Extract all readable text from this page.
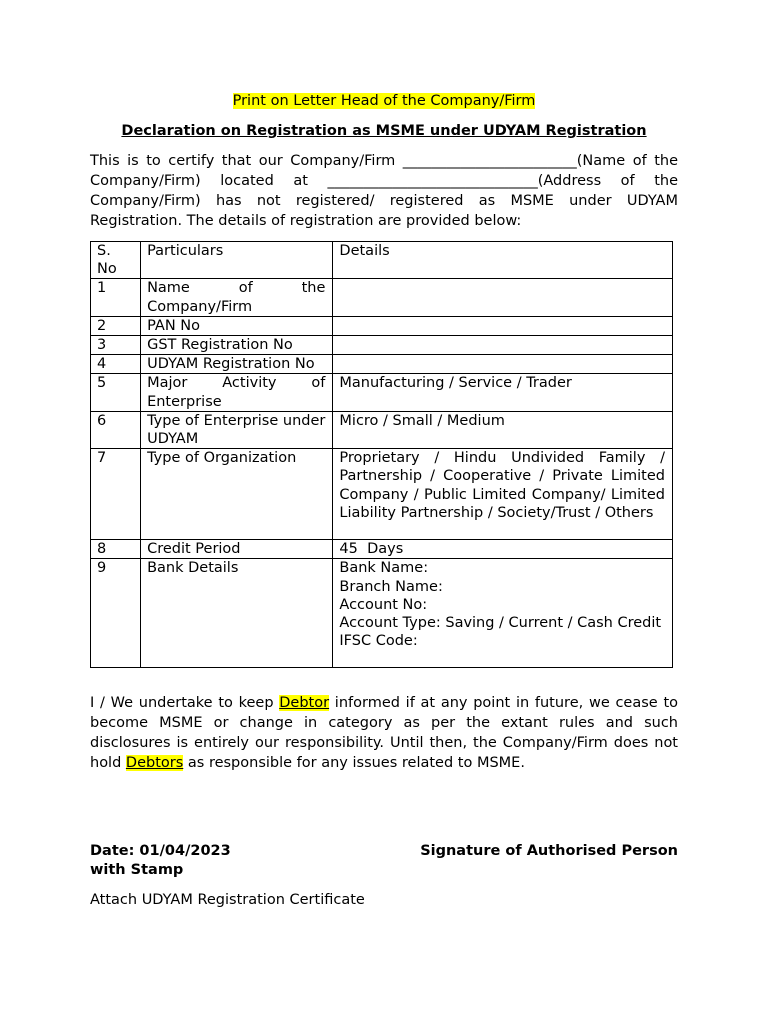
Print on Letter Head of the Company/Firm
Declaration on Registration as MSME under UDYAM Registration

This is to certify that our Company/Firm ________________________(Name of the Company/Firm) located at _____________________________(Address of the Company/Firm) has not registered/ registered as MSME under UDYAM Registration. The details of registration are provided below:

S. No	Particulars	Details
1	Name of the Company/Firm	
2	PAN No	
3	GST Registration No	
4	UDYAM Registration No	
5	Major Activity of Enterprise	Manufacturing / Service / Trader
6	Type of Enterprise under UDYAM	Micro / Small / Medium
7	Type of Organization	Proprietary / Hindu Undivided Family / Partnership / Cooperative / Private Limited Company / Public Limited Company/ Limited Liability Partnership / Society/Trust / Others
8	Credit Period	45  Days
9	Bank Details	Bank Name:
Branch Name:
Account No:
Account Type: Saving / Current / Cash Credit
IFSC Code:

I / We undertake to keep Debtor informed if at any point in future, we cease to become MSME or change in category as per the extant rules and such disclosures is entirely our responsibility. Until then, the Company/Firm does not hold Debtors as responsible for any issues related to MSME.

Date: 01/04/2023	Signature of Authorised Person
with Stamp
Attach UDYAM Registration Certificate
